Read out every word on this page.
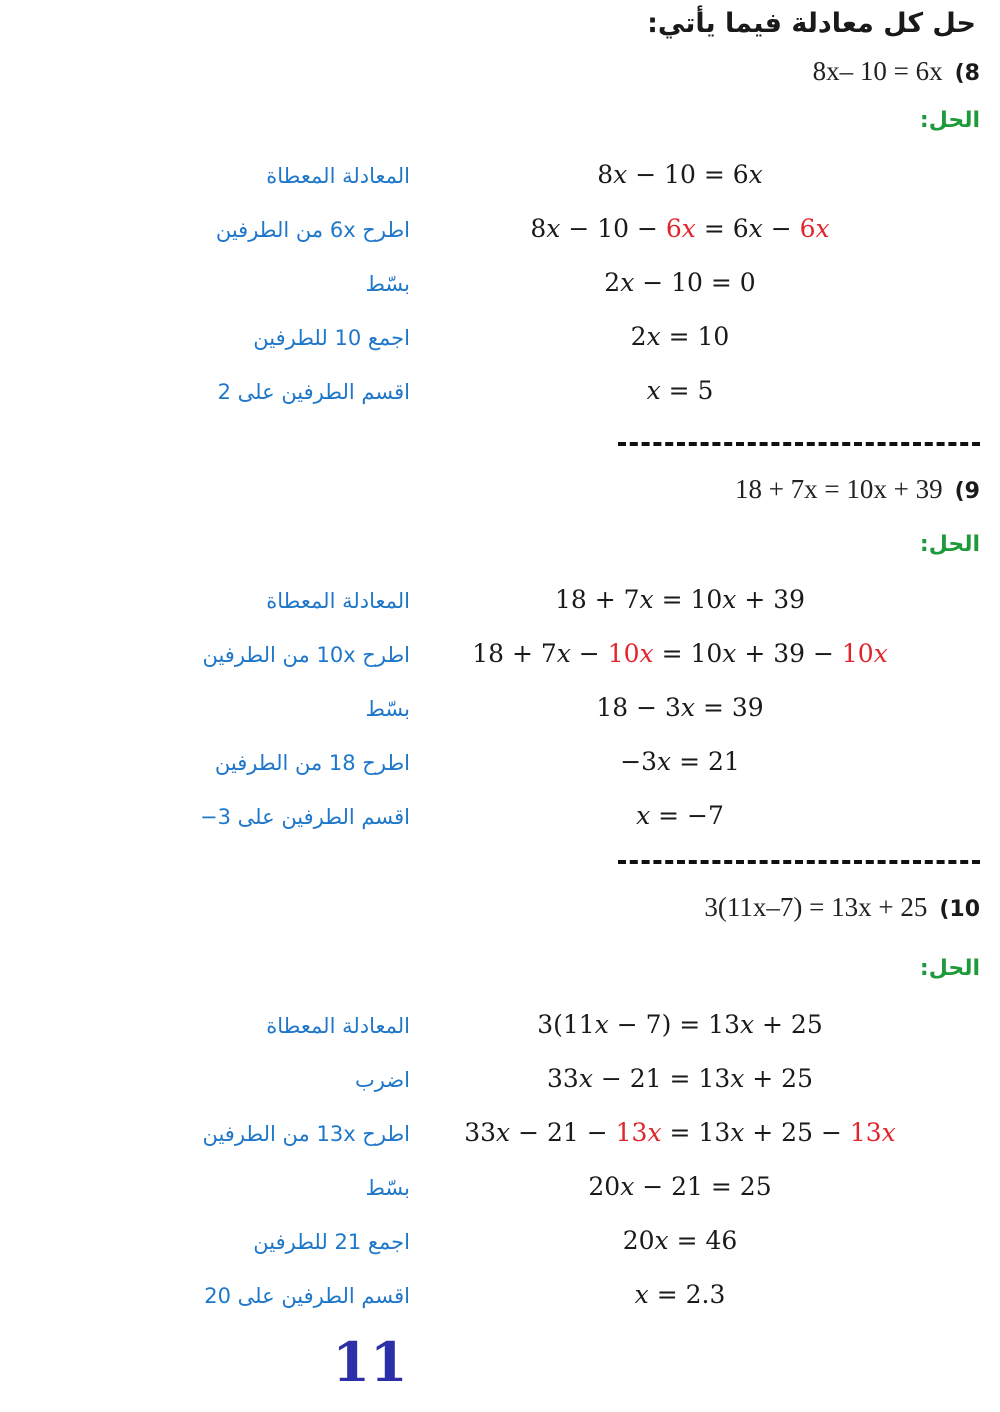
حل كل معادلة فيما يأتي:
8x– 10 = 6x (8
الحل:
8x − 10 = 6x
المعادلة المعطاة
8x − 10 − 6x = 6x − 6x
اطرح 6x من الطرفين
2x − 10 = 0
بسّط
2x = 10
اجمع 10 للطرفين
x = 5
اقسم الطرفين على 2
18 + 7x = 10x + 39 (9
الحل:
18 + 7x = 10x + 39
المعادلة المعطاة
18 + 7x − 10x = 10x + 39 − 10x
اطرح 10x من الطرفين
18 − 3x = 39
بسّط
−3x = 21
اطرح 18 من الطرفين
x = −7
اقسم الطرفين على 3−
3(11x–7) = 13x + 25 (10
الحل:
3(11x − 7) = 13x + 25
المعادلة المعطاة
33x − 21 = 13x + 25
اضرب
33x − 21 − 13x = 13x + 25 − 13x
اطرح 13x من الطرفين
20x − 21 = 25
بسّط
20x = 46
اجمع 21 للطرفين
x = 2.3
اقسم الطرفين على 20
11
